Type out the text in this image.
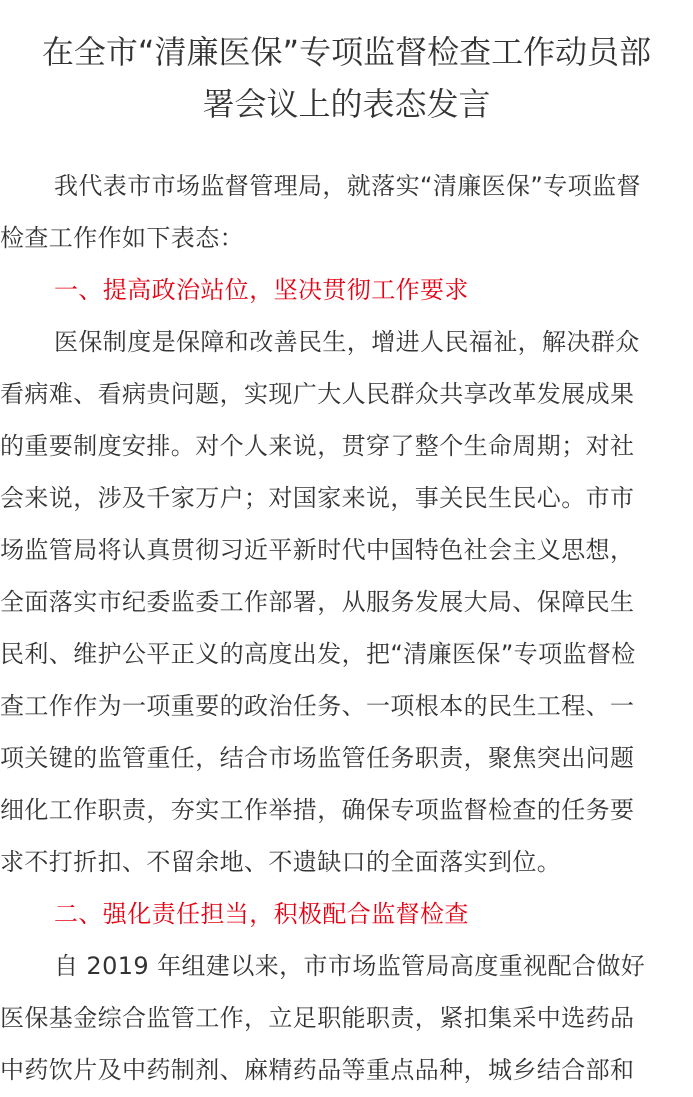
在全市“清廉医保”专项监督检查工作动员部
署会议上的表态发言

我代表市市场监督管理局，就落实“清廉医保”专项监督
检查工作作如下表态：

一、提高政治站位，坚决贯彻工作要求

医保制度是保障和改善民生，增进人民福祉，解决群众
看病难、看病贵问题，实现广大人民群众共享改革发展成果
的重要制度安排。对个人来说，贯穿了整个生命周期；对社
会来说，涉及千家万户；对国家来说，事关民生民心。市市
场监管局将认真贯彻习近平新时代中国特色社会主义思想，
全面落实市纪委监委工作部署，从服务发展大局、保障民生
民利、维护公平正义的高度出发，把“清廉医保”专项监督检
查工作作为一项重要的政治任务、一项根本的民生工程、一
项关键的监管重任，结合市场监管任务职责，聚焦突出问题
细化工作职责，夯实工作举措，确保专项监督检查的任务要
求不打折扣、不留余地、不遗缺口的全面落实到位。

二、强化责任担当，积极配合监督检查

自 2019 年组建以来，市市场监管局高度重视配合做好
医保基金综合监管工作，立足职能职责，紧扣集采中选药品
中药饮片及中药制剂、麻精药品等重点品种，城乡结合部和
